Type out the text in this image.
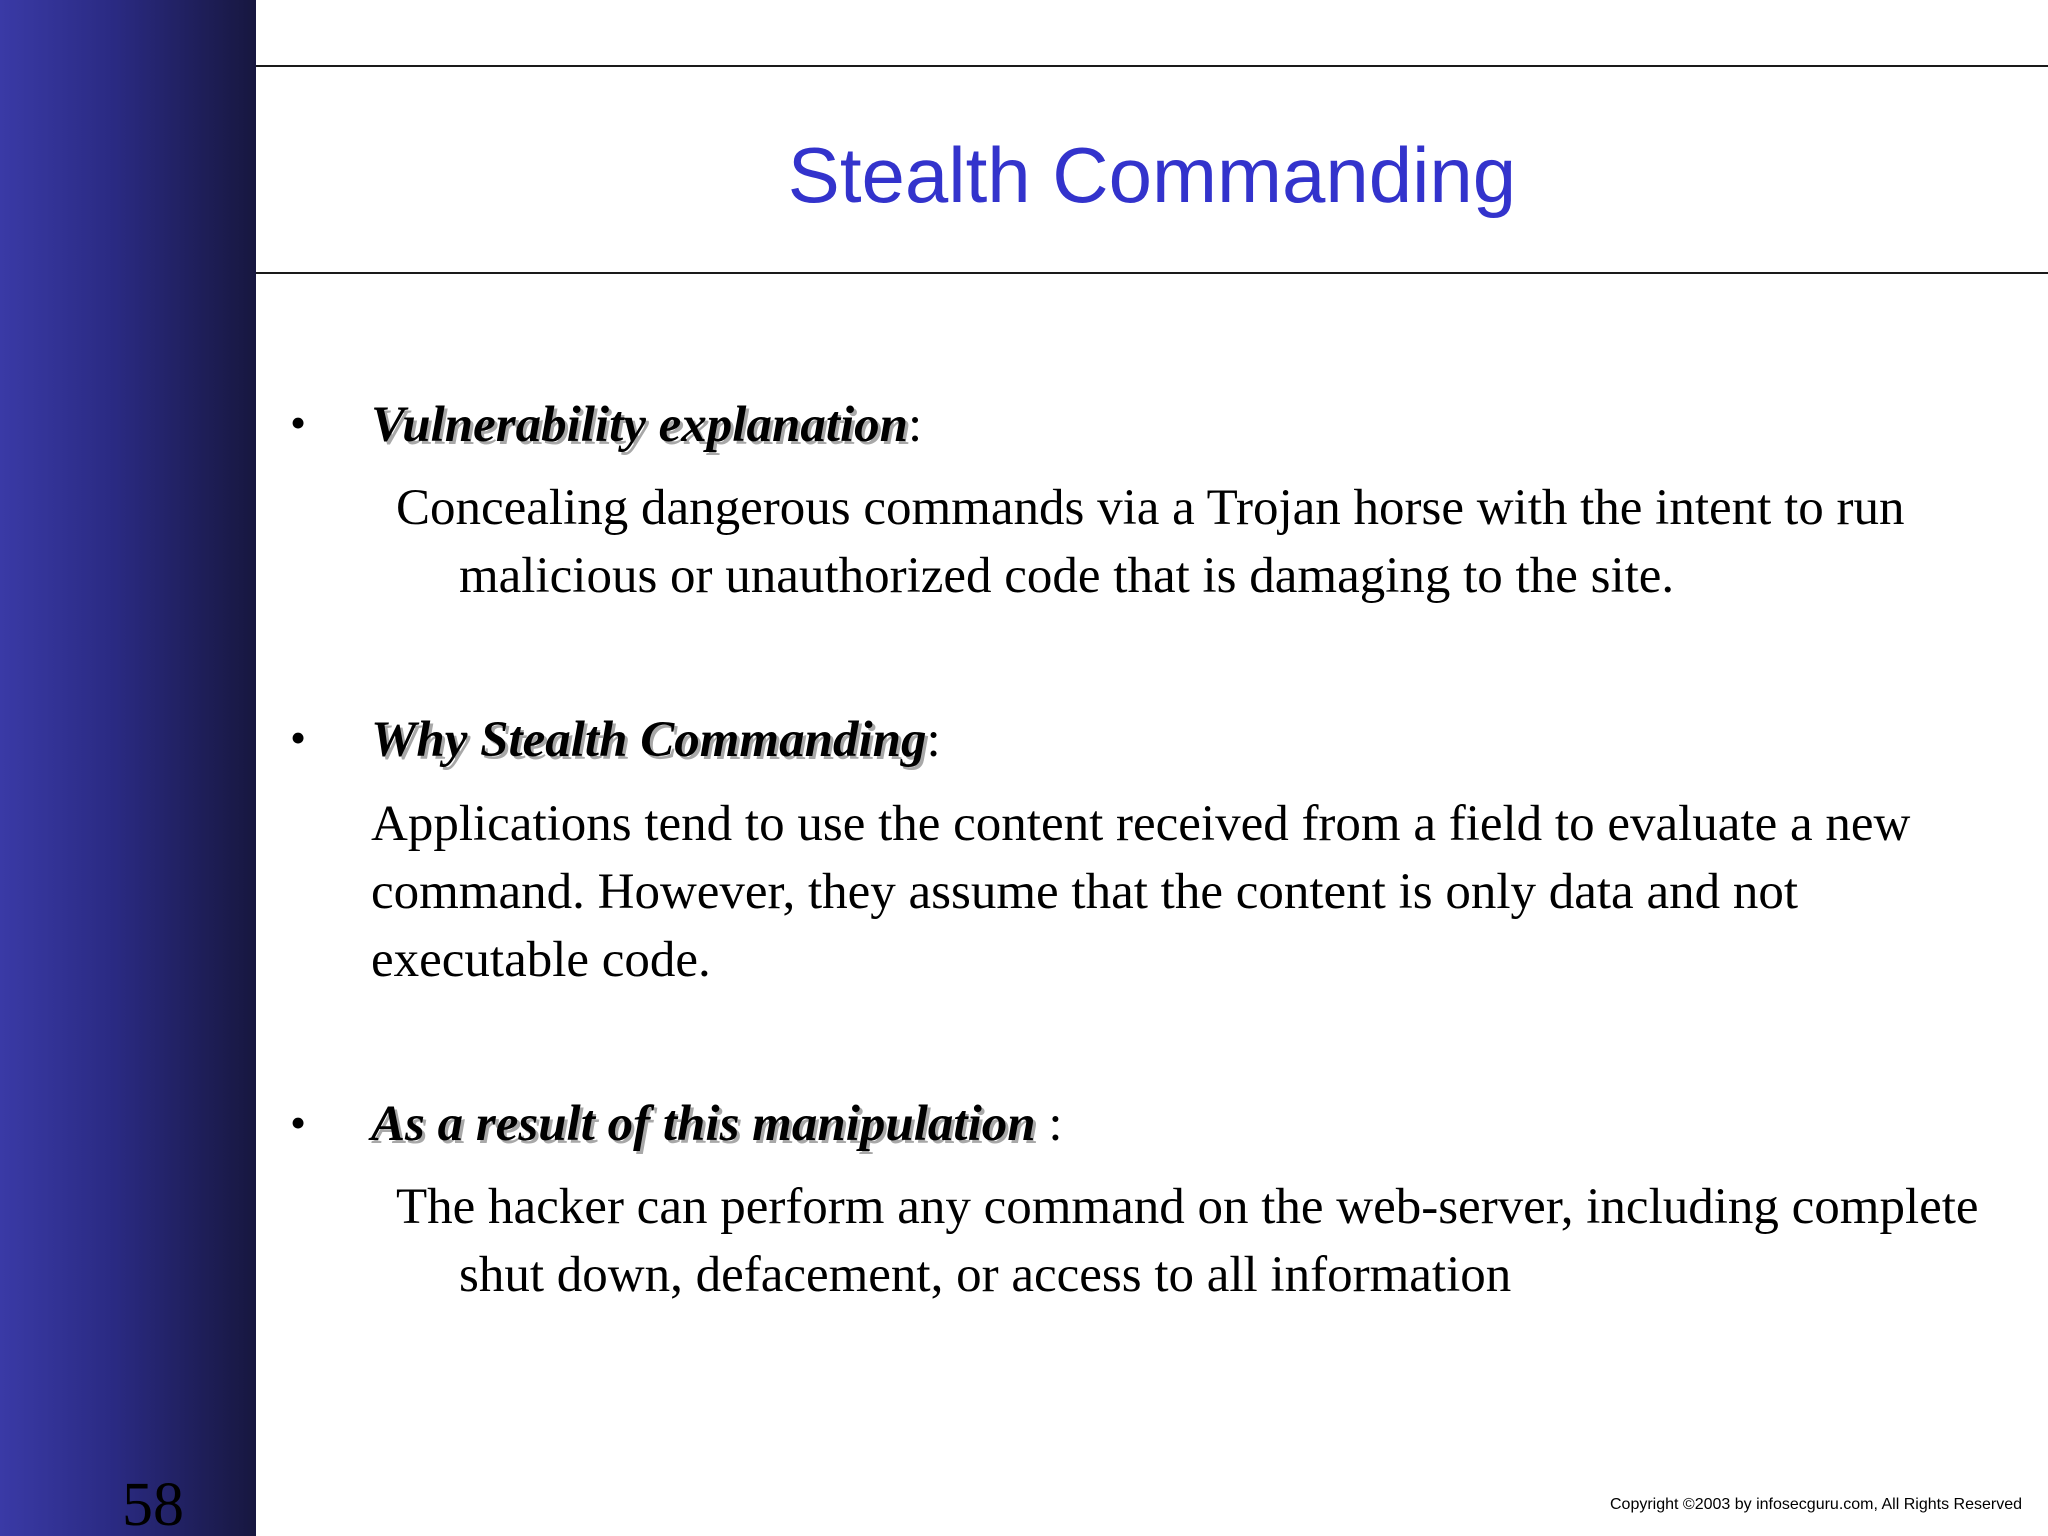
58
Stealth Commanding
• Vulnerability explanation:

Concealing dangerous commands via a Trojan horse with the intent to run malicious or unauthorized code that is damaging to the site.

• Why Stealth Commanding:

Applications tend to use the content received from a field to evaluate a new command. However, they assume that the content is only data and not executable code.

• As a result of this manipulation :

The hacker can perform any command on the web-server, including complete shut down, defacement, or access to all information

Copyright ©2003 by infosecguru.com, All Rights Reserved
